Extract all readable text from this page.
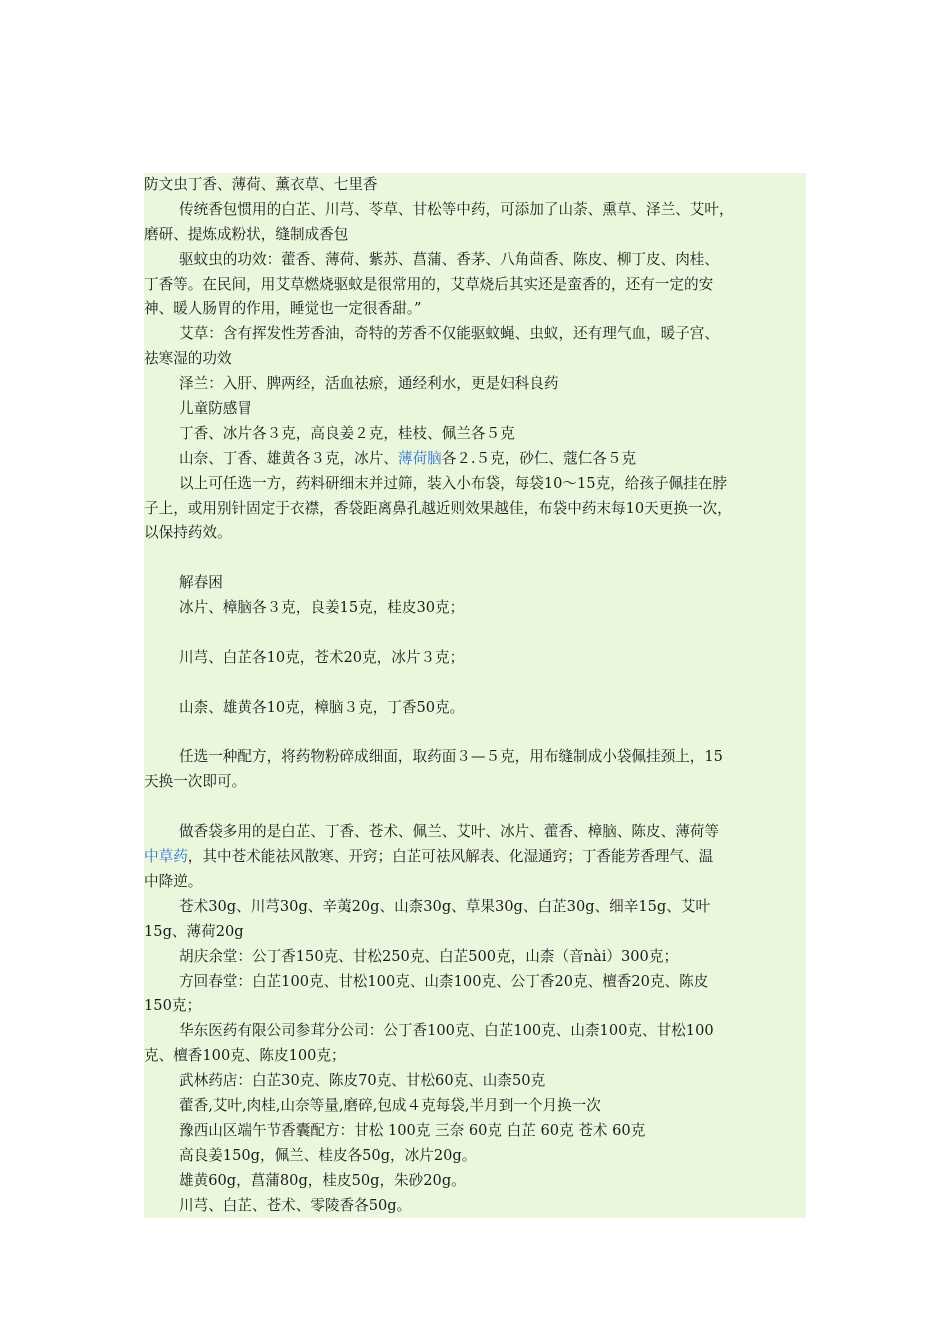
防文虫丁香、薄荷、薰衣草、七里香
传统香包惯用的白芷、川芎、苓草、甘松等中药，可添加了山荼、熏草、泽兰、艾叶，
磨研、提炼成粉状，缝制成香包
驱蚊虫的功效：藿香、薄荷、紫苏、菖蒲、香茅、八角茴香、陈皮、柳丁皮、肉桂、
丁香等。在民间，用艾草燃烧驱蚊是很常用的，艾草烧后其实还是蛮香的，还有一定的安
神、暖人肠胃的作用，睡觉也一定很香甜。”
艾草：含有挥发性芳香油，奇特的芳香不仅能驱蚊蝇、虫蚁，还有理气血，暖子宫、
祛寒湿的功效
泽兰：入肝、脾两经，活血祛瘀，通经利水，更是妇科良药
儿童防感冒
丁香、冰片各３克，高良姜２克，桂枝、佩兰各５克
山奈、丁香、雄黄各３克，冰片、薄荷脑各２.５克，砂仁、蔻仁各５克
以上可任选一方，药料研细末并过筛，装入小布袋，每袋10～15克，给孩子佩挂在脖
子上，或用别针固定于衣襟，香袋距离鼻孔越近则效果越佳，布袋中药末每10天更换一次，
以保持药效。
解春困
冰片、樟脑各３克，良姜15克，桂皮30克；
川芎、白芷各10克，苍术20克，冰片３克；
山柰、雄黄各10克，樟脑３克，丁香50克。
任选一种配方，将药物粉碎成细面，取药面３—５克，用布缝制成小袋佩挂颈上，15
天换一次即可。
做香袋多用的是白芷、丁香、苍术、佩兰、艾叶、冰片、藿香、樟脑、陈皮、薄荷等
中草药，其中苍术能祛风散寒、开窍；白芷可祛风解表、化湿通窍；丁香能芳香理气、温
中降逆。
苍术30g、川芎30g、辛荑20g、山柰30g、草果30g、白芷30g、细辛15g、艾叶
15g、薄荷20g
胡庆余堂：公丁香150克、甘松250克、白芷500克，山柰（音nài）300克；
方回春堂：白芷100克、甘松100克、山柰100克、公丁香20克、檀香20克、陈皮
150克；
华东医药有限公司参茸分公司：公丁香100克、白芷100克、山柰100克、甘松100
克、檀香100克、陈皮100克；
武林药店：白芷30克、陈皮70克、甘松60克、山柰50克
藿香,艾叶,肉桂,山奈等量,磨碎,包成４克每袋,半月到一个月换一次
豫西山区端午节香囊配方：甘松 100克 三奈 60克 白芷 60克 苍术 60克
高良姜150g，佩兰、桂皮各50g，冰片20g。
雄黄60g，菖蒲80g，桂皮50g，朱砂20g。
川芎、白芷、苍术、零陵香各50g。
